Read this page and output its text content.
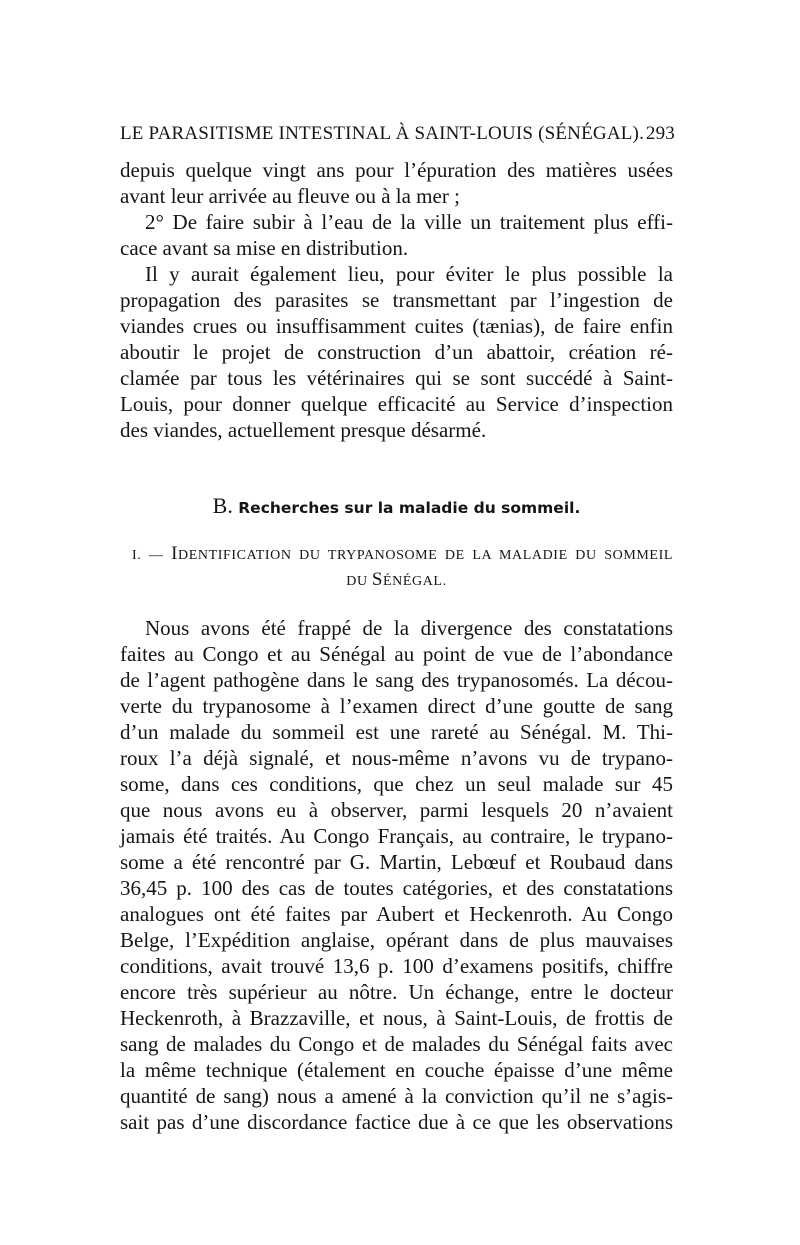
LE PARASITISME INTESTINAL À SAINT-LOUIS (SÉNÉGAL). 293
depuis quelque vingt ans pour l’épuration des matières usées
avant leur arrivée au fleuve ou à la mer ;
2° De faire subir à l’eau de la ville un traitement plus effi-
cace avant sa mise en distribution.
Il y aurait également lieu, pour éviter le plus possible la
propagation des parasites se transmettant par l’ingestion de
viandes crues ou insuffisamment cuites (tænias), de faire enfin
aboutir le projet de construction d’un abattoir, création ré-
clamée par tous les vétérinaires qui se sont succédé à Saint-
Louis, pour donner quelque efficacité au Service d’inspection
des viandes, actuellement presque désarmé.
B. Recherches sur la maladie du sommeil.
I. — IDENTIFICATION DU TRYPANOSOME DE LA MALADIE DU SOMMEIL
DU SÉNÉGAL.
Nous avons été frappé de la divergence des constatations
faites au Congo et au Sénégal au point de vue de l’abondance
de l’agent pathogène dans le sang des trypanosomés. La décou-
verte du trypanosome à l’examen direct d’une goutte de sang
d’un malade du sommeil est une rareté au Sénégal. M. Thi-
roux l’a déjà signalé, et nous-même n’avons vu de trypano-
some, dans ces conditions, que chez un seul malade sur 45
que nous avons eu à observer, parmi lesquels 20 n’avaient
jamais été traités. Au Congo Français, au contraire, le trypano-
some a été rencontré par G. Martin, Lebœuf et Roubaud dans
36,45 p. 100 des cas de toutes catégories, et des constatations
analogues ont été faites par Aubert et Heckenroth. Au Congo
Belge, l’Expédition anglaise, opérant dans de plus mauvaises
conditions, avait trouvé 13,6 p. 100 d’examens positifs, chiffre
encore très supérieur au nôtre. Un échange, entre le docteur
Heckenroth, à Brazzaville, et nous, à Saint-Louis, de frottis de
sang de malades du Congo et de malades du Sénégal faits avec
la même technique (étalement en couche épaisse d’une même
quantité de sang) nous a amené à la conviction qu’il ne s’agis-
sait pas d’une discordance factice due à ce que les observations
